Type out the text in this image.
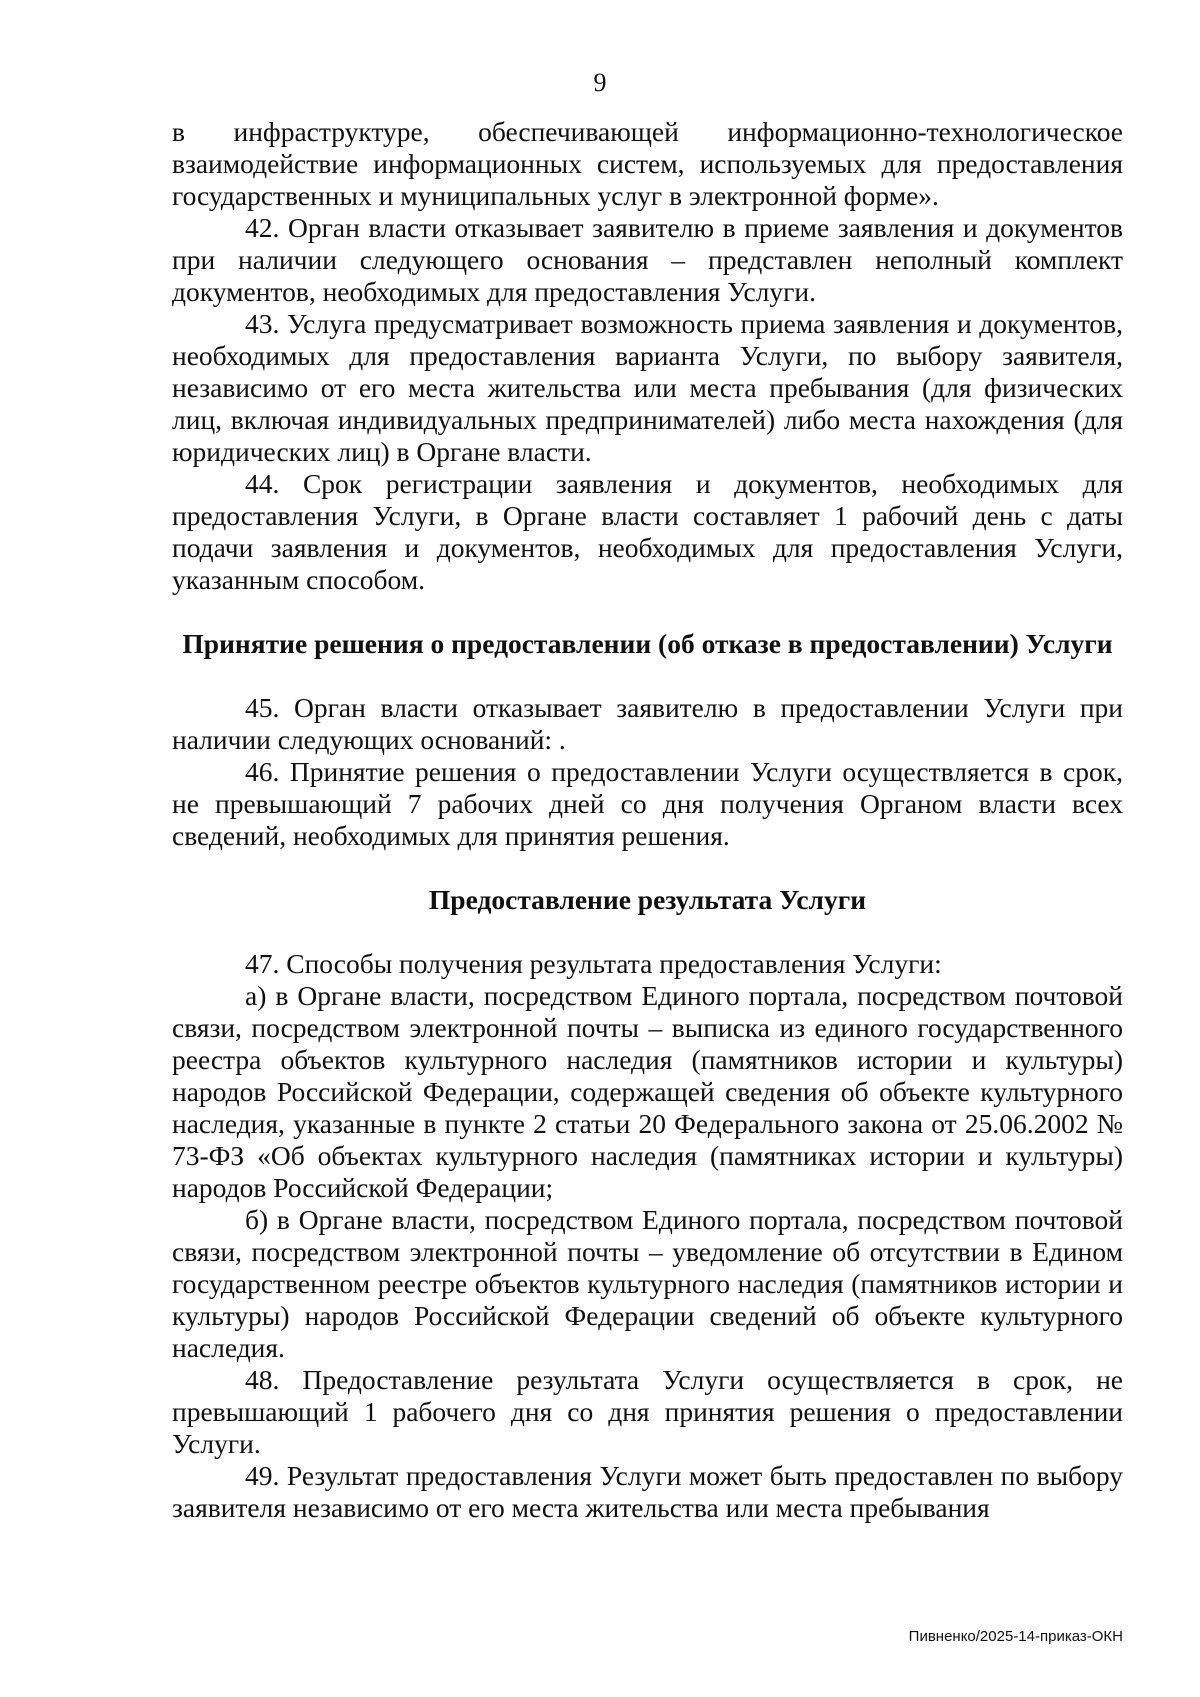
9

в инфраструктуре, обеспечивающей информационно-технологическое взаимодействие информационных систем, используемых для предоставления государственных и муниципальных услуг в электронной форме».

42. Орган власти отказывает заявителю в приеме заявления и документов при наличии следующего основания – представлен неполный комплект документов, необходимых для предоставления Услуги.

43. Услуга предусматривает возможность приема заявления и документов, необходимых для предоставления варианта Услуги, по выбору заявителя, независимо от его места жительства или места пребывания (для физических лиц, включая индивидуальных предпринимателей) либо места нахождения (для юридических лиц) в Органе власти.

44. Срок регистрации заявления и документов, необходимых для предоставления Услуги, в Органе власти составляет 1 рабочий день с даты подачи заявления и документов, необходимых для предоставления Услуги, указанным способом.

Принятие решения о предоставлении (об отказе в предоставлении) Услуги

45. Орган власти отказывает заявителю в предоставлении Услуги при наличии следующих оснований: .

46. Принятие решения о предоставлении Услуги осуществляется в срок, не превышающий 7 рабочих дней со дня получения Органом власти всех сведений, необходимых для принятия решения.

Предоставление результата Услуги

47. Способы получения результата предоставления Услуги:

а) в Органе власти, посредством Единого портала, посредством почтовой связи, посредством электронной почты – выписка из единого государственного реестра объектов культурного наследия (памятников истории и культуры) народов Российской Федерации, содержащей сведения об объекте культурного наследия, указанные в пункте 2 статьи 20 Федерального закона от 25.06.2002 № 73-ФЗ «Об объектах культурного наследия (памятниках истории и культуры) народов Российской Федерации;

б) в Органе власти, посредством Единого портала, посредством почтовой связи, посредством электронной почты – уведомление об отсутствии в Едином государственном реестре объектов культурного наследия (памятников истории и культуры) народов Российской Федерации сведений об объекте культурного наследия.

48. Предоставление результата Услуги осуществляется в срок, не превышающий 1 рабочего дня со дня принятия решения о предоставлении Услуги.

49. Результат предоставления Услуги может быть предоставлен по выбору заявителя независимо от его места жительства или места пребывания

Пивненко/2025-14-приказ-ОКН
